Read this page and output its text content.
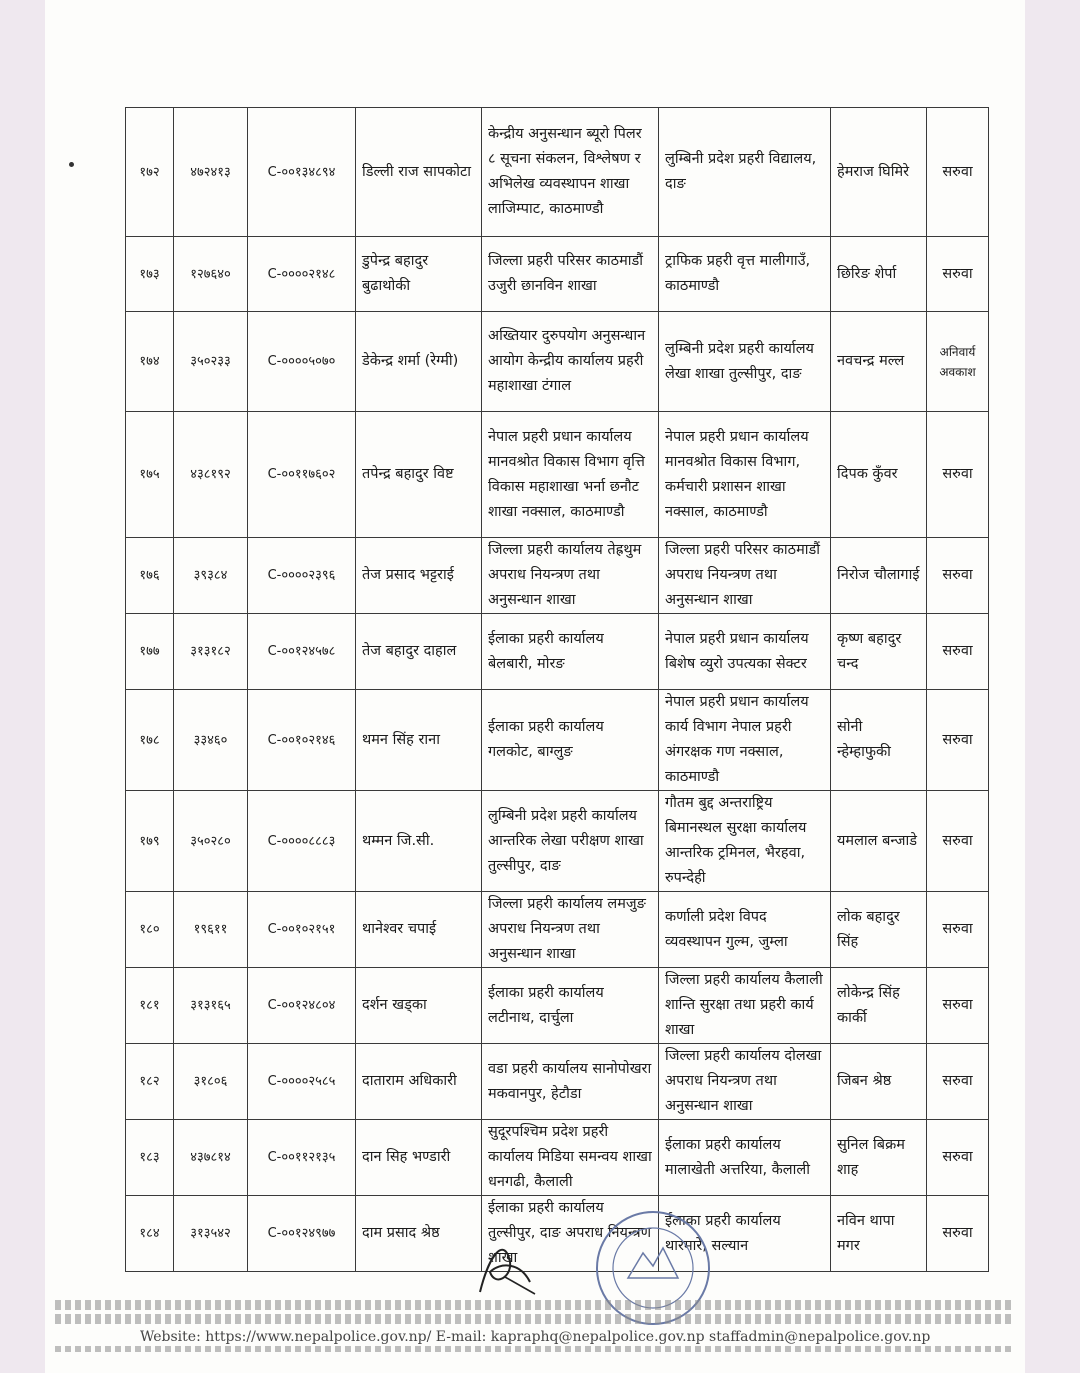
१७२	४७२४१३	C-००१३४८९४	डिल्ली राज सापकोटा	केन्द्रीय अनुसन्धान ब्यूरो पिलर ८ सूचना संकलन, विश्लेषण र अभिलेख व्यवस्थापन शाखा लाजिम्पाट, काठमाण्डौ	लुम्बिनी प्रदेश प्रहरी विद्यालय, दाङ	हेमराज घिमिरे	सरुवा
१७३	१२७६४०	C-००००२१४८	डुपेन्द्र बहादुर बुढाथोकी	जिल्ला प्रहरी परिसर काठमाडौं उजुरी छानविन शाखा	ट्राफिक प्रहरी वृत्त मालीगाउँ, काठमाण्डौ	छिरिङ शेर्पा	सरुवा
१७४	३५०२३३	C-००००५०७०	डेकेन्द्र शर्मा (रेग्मी)	अख्तियार दुरुपयोग अनुसन्धान आयोग केन्द्रीय कार्यालय प्रहरी महाशाखा टंगाल	लुम्बिनी प्रदेश प्रहरी कार्यालय लेखा शाखा तुल्सीपुर, दाङ	नवचन्द्र मल्ल	अनिवार्य अवकाश
१७५	४३८१९२	C-००११७६०२	तपेन्द्र बहादुर विष्ट	नेपाल प्रहरी प्रधान कार्यालय मानवश्रोत विकास विभाग वृत्ति विकास महाशाखा भर्ना छनौट शाखा नक्साल, काठमाण्डौ	नेपाल प्रहरी प्रधान कार्यालय मानवश्रोत विकास विभाग, कर्मचारी प्रशासन शाखा नक्साल, काठमाण्डौ	दिपक कुँवर	सरुवा
१७६	३९३८४	C-००००२३९६	तेज प्रसाद भट्टराई	जिल्ला प्रहरी कार्यालय तेह्रथुम अपराध नियन्त्रण तथा अनुसन्धान शाखा	जिल्ला प्रहरी परिसर काठमाडौं अपराध नियन्त्रण तथा अनुसन्धान शाखा	निरोज चौलागाई	सरुवा
१७७	३१३१८२	C-००१२४५७८	तेज बहादुर दाहाल	ईलाका प्रहरी कार्यालय बेलबारी, मोरङ	नेपाल प्रहरी प्रधान कार्यालय बिशेष व्युरो उपत्यका सेक्टर	कृष्ण बहादुर चन्द	सरुवा
१७८	३३४६०	C-००१०२१४६	थमन सिंह राना	ईलाका प्रहरी कार्यालय गलकोट, बाग्लुङ	नेपाल प्रहरी प्रधान कार्यालय कार्य विभाग नेपाल प्रहरी अंगरक्षक गण नक्साल, काठमाण्डौ	सोनी न्हेम्हाफुकी	सरुवा
१७९	३५०२८०	C-००००८८८३	थम्मन जि.सी.	लुम्बिनी प्रदेश प्रहरी कार्यालय आन्तरिक लेखा परीक्षण शाखा तुल्सीपुर, दाङ	गौतम बुद्द अन्तराष्ट्रिय बिमानस्थल सुरक्षा कार्यालय आन्तरिक ट्रमिनल, भैरहवा, रुपन्देही	यमलाल बन्जाडे	सरुवा
१८०	१९६११	C-००१०२१५१	थानेश्वर चपाई	जिल्ला प्रहरी कार्यालय लमजुङ अपराध नियन्त्रण तथा अनुसन्धान शाखा	कर्णाली प्रदेश विपद व्यवस्थापन गुल्म, जुम्ला	लोक बहादुर सिंह	सरुवा
१८१	३१३१६५	C-००१२४८०४	दर्शन खड्का	ईलाका प्रहरी कार्यालय लटीनाथ, दार्चुला	जिल्ला प्रहरी कार्यालय कैलाली शान्ति सुरक्षा तथा प्रहरी कार्य शाखा	लोकेन्द्र सिंह कार्की	सरुवा
१८२	३१८०६	C-००००२५८५	दाताराम अधिकारी	वडा प्रहरी कार्यालय सानोपोखरा मकवानपुर, हेटौडा	जिल्ला प्रहरी कार्यालय दोलखा अपराध नियन्त्रण तथा अनुसन्धान शाखा	जिबन श्रेष्ठ	सरुवा
१८३	४३७८१४	C-००११२१३५	दान सिह भण्डारी	सुदूरपश्चिम प्रदेश प्रहरी कार्यालय मिडिया समन्वय शाखा धनगढी, कैलाली	ईलाका प्रहरी कार्यालय मालाखेती अत्तरिया, कैलाली	सुनिल बिक्रम शाह	सरुवा
१८४	३१३५४२	C-००१२४९७७	दाम प्रसाद श्रेष्ठ	ईलाका प्रहरी कार्यालय तुल्सीपुर, दाङ अपराध नियन्त्रण शाखा	ईलाका प्रहरी कार्यालय थारमारे, सल्यान	नविन थापा मगर	सरुवा
Website: https://www.nepalpolice.gov.np/ E-mail: kapraphq@nepalpolice.gov.np staffadmin@nepalpolice.gov.np
